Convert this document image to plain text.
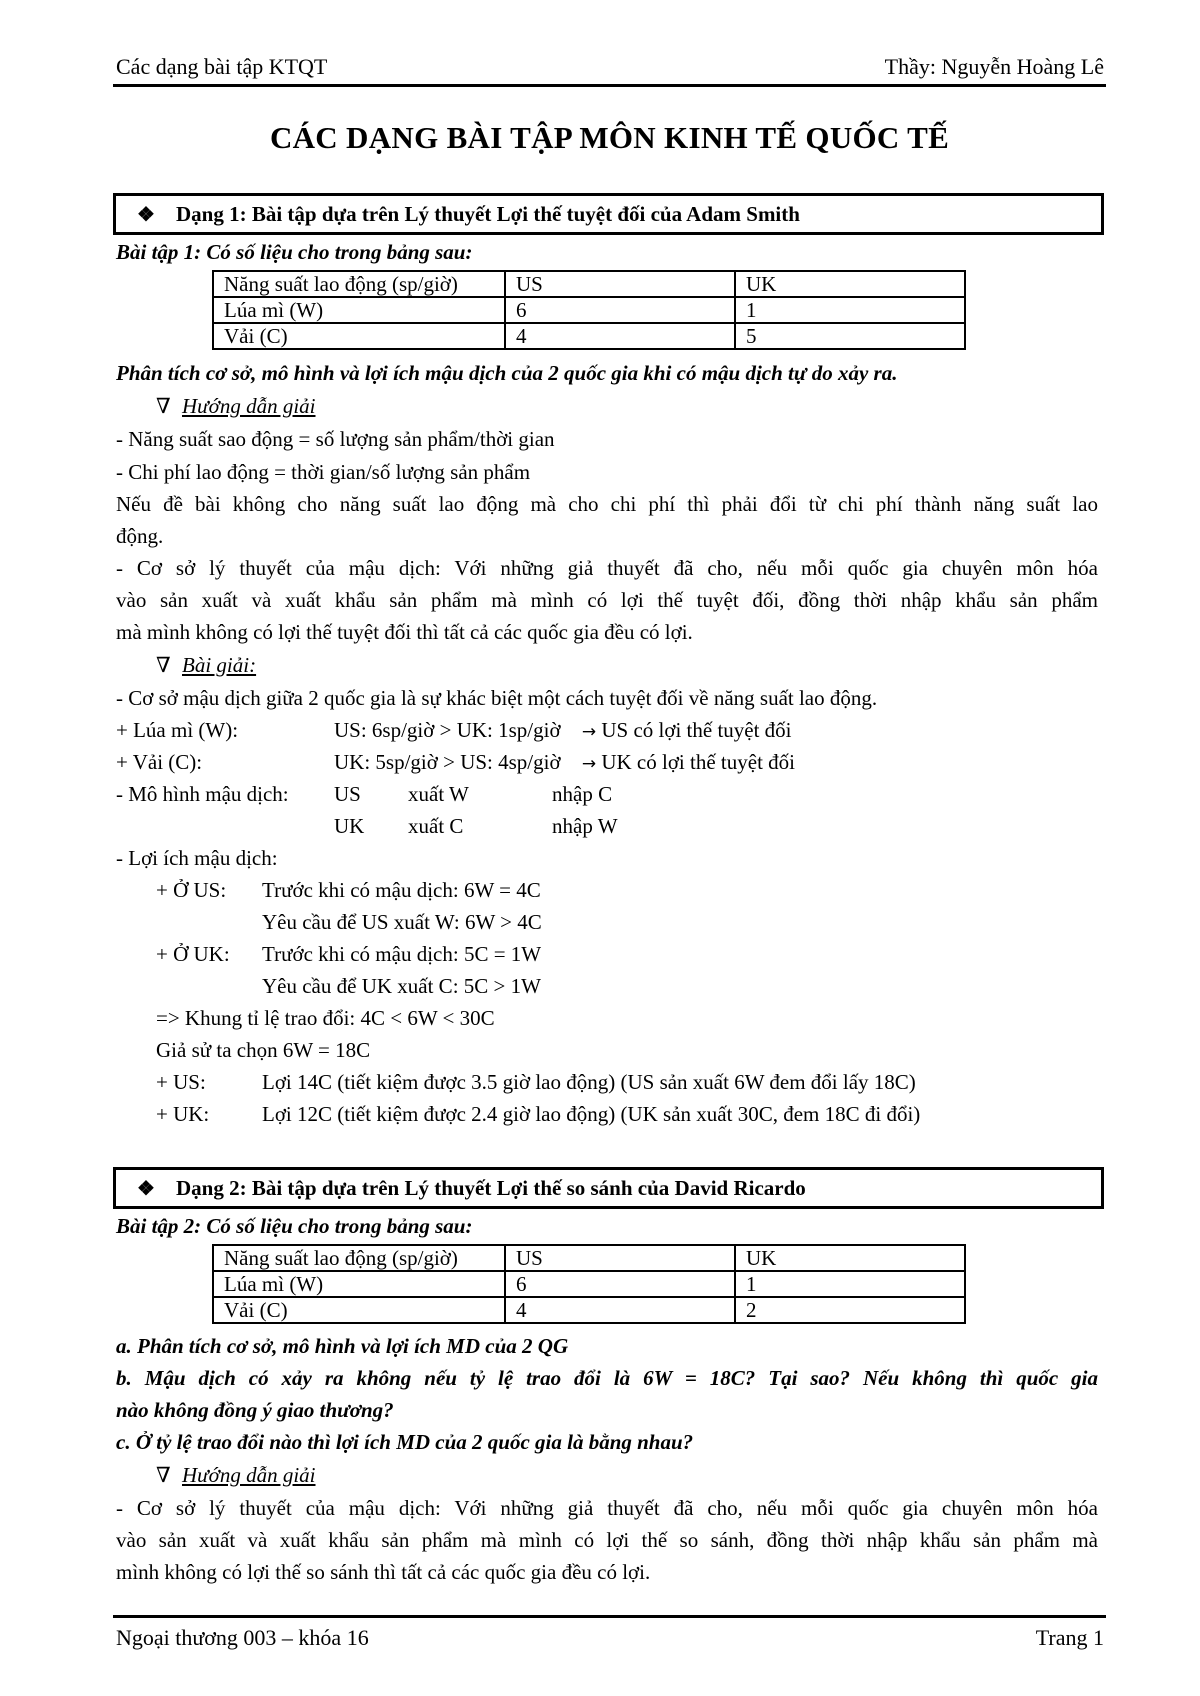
Các dạng bài tập KTQT	Thầy: Nguyễn Hoàng Lê
CÁC DẠNG BÀI TẬP MÔN KINH TẾ QUỐC TẾ
❖	Dạng 1: Bài tập dựa trên Lý thuyết Lợi thế tuyệt đối của Adam Smith
Bài tập 1: Có số liệu cho trong bảng sau:
Năng suất lao động (sp/giờ)	US	UK
Lúa mì (W)	6	1
Vải (C)	4	5
Phân tích cơ sở, mô hình và lợi ích mậu dịch của 2 quốc gia khi có mậu dịch tự do xảy ra.
∇ Hướng dẫn giải
- Năng suất sao động = số lượng sản phẩm/thời gian
- Chi phí lao động = thời gian/số lượng sản phẩm
Nếu đề bài không cho năng suất lao động mà cho chi phí thì phải đổi từ chi phí thành năng suất lao
động.
- Cơ sở lý thuyết của mậu dịch: Với những giả thuyết đã cho, nếu mỗi quốc gia chuyên môn hóa
vào sản xuất và xuất khẩu sản phẩm mà mình có lợi thế tuyệt đối, đồng thời nhập khẩu sản phẩm
mà mình không có lợi thế tuyệt đối thì tất cả các quốc gia đều có lợi.
∇ Bài giải:
- Cơ sở mậu dịch giữa 2 quốc gia là sự khác biệt một cách tuyệt đối về năng suất lao động.
+ Lúa mì (W):	US: 6sp/giờ > UK: 1sp/giờ → US có lợi thế tuyệt đối
+ Vải (C):	UK: 5sp/giờ > US: 4sp/giờ → UK có lợi thế tuyệt đối
- Mô hình mậu dịch: US xuất W	nhập C
UK xuất C	nhập W
- Lợi ích mậu dịch:
+ Ở US: Trước khi có mậu dịch: 6W = 4C
Yêu cầu để US xuất W: 6W > 4C
+ Ở UK: Trước khi có mậu dịch: 5C = 1W
Yêu cầu để UK xuất C: 5C > 1W
=> Khung tỉ lệ trao đổi: 4C < 6W < 30C
Giả sử ta chọn 6W = 18C
+ US:	Lợi 14C (tiết kiệm được 3.5 giờ lao động) (US sản xuất 6W đem đổi lấy 18C)
+ UK:	Lợi 12C (tiết kiệm được 2.4 giờ lao động) (UK sản xuất 30C, đem 18C đi đổi)
❖	Dạng 2: Bài tập dựa trên Lý thuyết Lợi thế so sánh của David Ricardo
Bài tập 2: Có số liệu cho trong bảng sau:
Năng suất lao động (sp/giờ)	US	UK
Lúa mì (W)	6	1
Vải (C)	4	2
a. Phân tích cơ sở, mô hình và lợi ích MD của 2 QG
b. Mậu dịch có xảy ra không nếu tỷ lệ trao đổi là 6W = 18C? Tại sao? Nếu không thì quốc gia
nào không đồng ý giao thương?
c. Ở tỷ lệ trao đổi nào thì lợi ích MD của 2 quốc gia là bằng nhau?
∇ Hướng dẫn giải
- Cơ sở lý thuyết của mậu dịch: Với những giả thuyết đã cho, nếu mỗi quốc gia chuyên môn hóa
vào sản xuất và xuất khẩu sản phẩm mà mình có lợi thế so sánh, đồng thời nhập khẩu sản phẩm mà
mình không có lợi thế so sánh thì tất cả các quốc gia đều có lợi.
Ngoại thương 003 – khóa 16	Trang 1
